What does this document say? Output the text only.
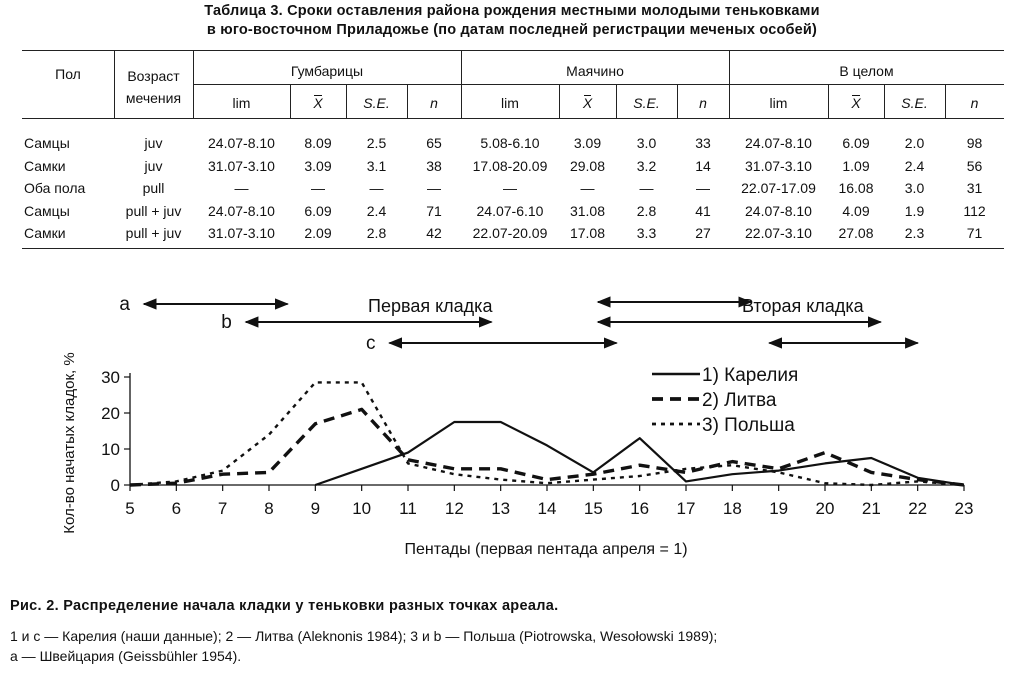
Таблица 3. Сроки оставления района рождения местными молодыми теньковками
в юго-восточном Приладожье (по датам последней регистрации меченых особей)
Пол	Возраст
мечения
Гумбарицы	Маячино	В целом
lim	X	S.E.	n	lim	X	S.E.	n	lim	X	S.E.	n
Самцы	juv	24.07-8.10	8.09	2.5	65	5.08-6.10	3.09	3.0	33	24.07-8.10	6.09	2.0	98
Самки	juv	31.07-3.10	3.09	3.1	38	17.08-20.09	29.08	3.2	14	31.07-3.10	1.09	2.4	56
Оба пола	pull	—	—	—	—	—	—	—	—	22.07-17.09	16.08	3.0	31
Самцы	pull + juv	24.07-8.10	6.09	2.4	71	24.07-6.10	31.08	2.8	41	24.07-8.10	4.09	1.9	112
Самки	pull + juv	31.07-3.10	2.09	2.8	42	22.07-20.09	17.08	3.3	27	22.07-3.10	27.08	2.3	71
a
b
c
Первая кладка	Вторая кладка
0
10
20
30
5 6 7 8 9 10 11 12 13 14 15 16 17 18 19 20 21 22 23
1) Карелия
2) Литва
3) Польша
Пентады (первая пентада апреля = 1)
Кол-во начатых кладок, %
Рис. 2. Распределение начала кладки у теньковки разных точках ареала.
1 и с — Карелия (наши данные); 2 — Литва (Aleknonis 1984); 3 и b — Польша (Piotrowska, Wesołowski 1989);
a — Швейцария (Geissbühler 1954).
